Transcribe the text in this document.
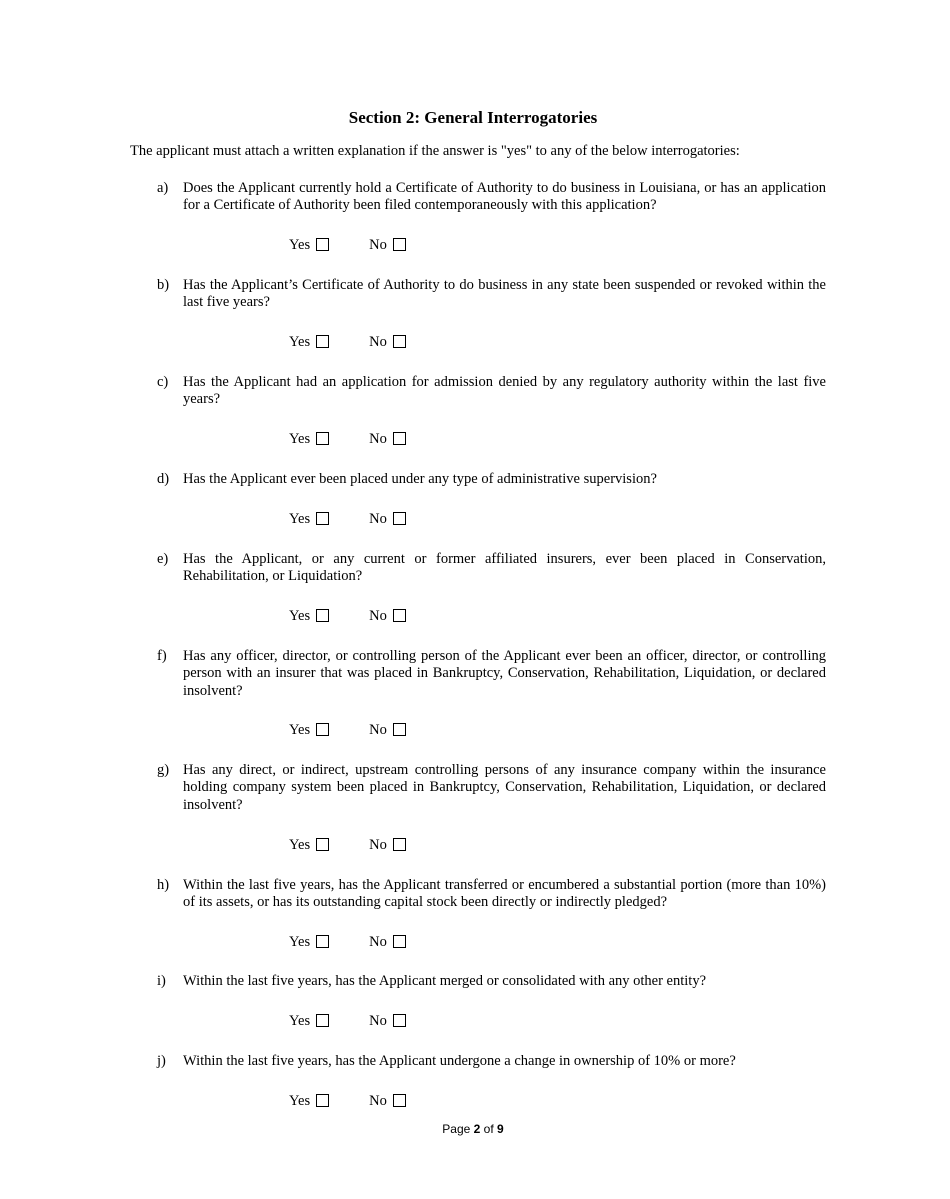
Section 2: General Interrogatories

The applicant must attach a written explanation if the answer is "yes" to any of the below interrogatories:

a)	Does the Applicant currently hold a Certificate of Authority to do business in Louisiana, or has an application for a Certificate of Authority been filed contemporaneously with this application?

Yes	No
b) Has the Applicant’s Certificate of Authority to do business in any state been suspended or revoked within the last five years?

Yes	No
c)	Has the Applicant had an application for admission denied by any regulatory authority within the last five years?

Yes	No
d) Has the Applicant ever been placed under any type of administrative supervision?

Yes	No
e)	Has the Applicant, or any current or former affiliated insurers, ever been placed in Conservation, Rehabilitation, or Liquidation?

Yes	No
f)	Has any officer, director, or controlling person of the Applicant ever been an officer, director, or controlling person with an insurer that was placed in Bankruptcy, Conservation, Rehabilitation, Liquidation, or declared insolvent?

Yes	No
g) Has any direct, or indirect, upstream controlling persons of any insurance company within the insurance holding company system been placed in Bankruptcy, Conservation, Rehabilitation, Liquidation, or declared insolvent?

Yes	No
h) Within the last five years, has the Applicant transferred or encumbered a substantial portion (more than 10%) of its assets, or has its outstanding capital stock been directly or indirectly pledged?

Yes	No
i)	Within the last five years, has the Applicant merged or consolidated with any other entity?

Yes	No
j)	Within the last five years, has the Applicant undergone a change in ownership of 10% or more?

Yes	No
Page 2 of 9
